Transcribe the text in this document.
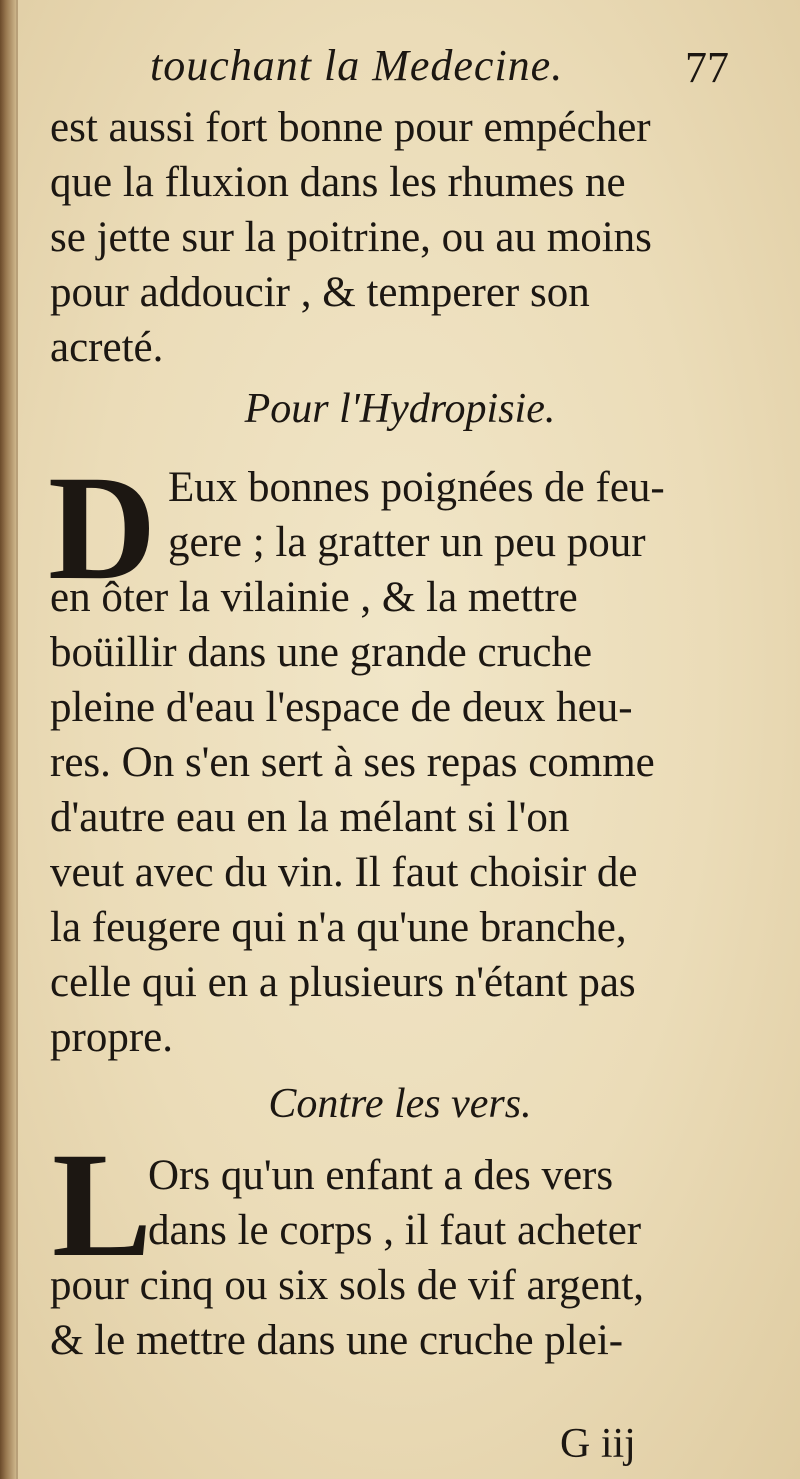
touchant la Medecine.	77
est aussi fort bonne pour empécher
que la fluxion dans les rhumes ne
se jette sur la poitrine, ou au moins
pour addoucir , & temperer son
acreté.
Pour l'Hydropisie.
D Eux bonnes poignées de feu-
gere ; la gratter un peu pour
en ôter la vilainie , & la mettre
boüillir dans une grande cruche
pleine d'eau l'espace de deux heu-
res. On s'en sert à ses repas comme
d'autre eau en la mélant si l'on
veut avec du vin. Il faut choisir de
la feugere qui n'a qu'une branche,
celle qui en a plusieurs n'étant pas
propre.
Contre les vers.
L
Ors qu'un enfant a des vers
dans le corps , il faut acheter
pour cinq ou six sols de vif argent,
& le mettre dans une cruche plei-
G iij
